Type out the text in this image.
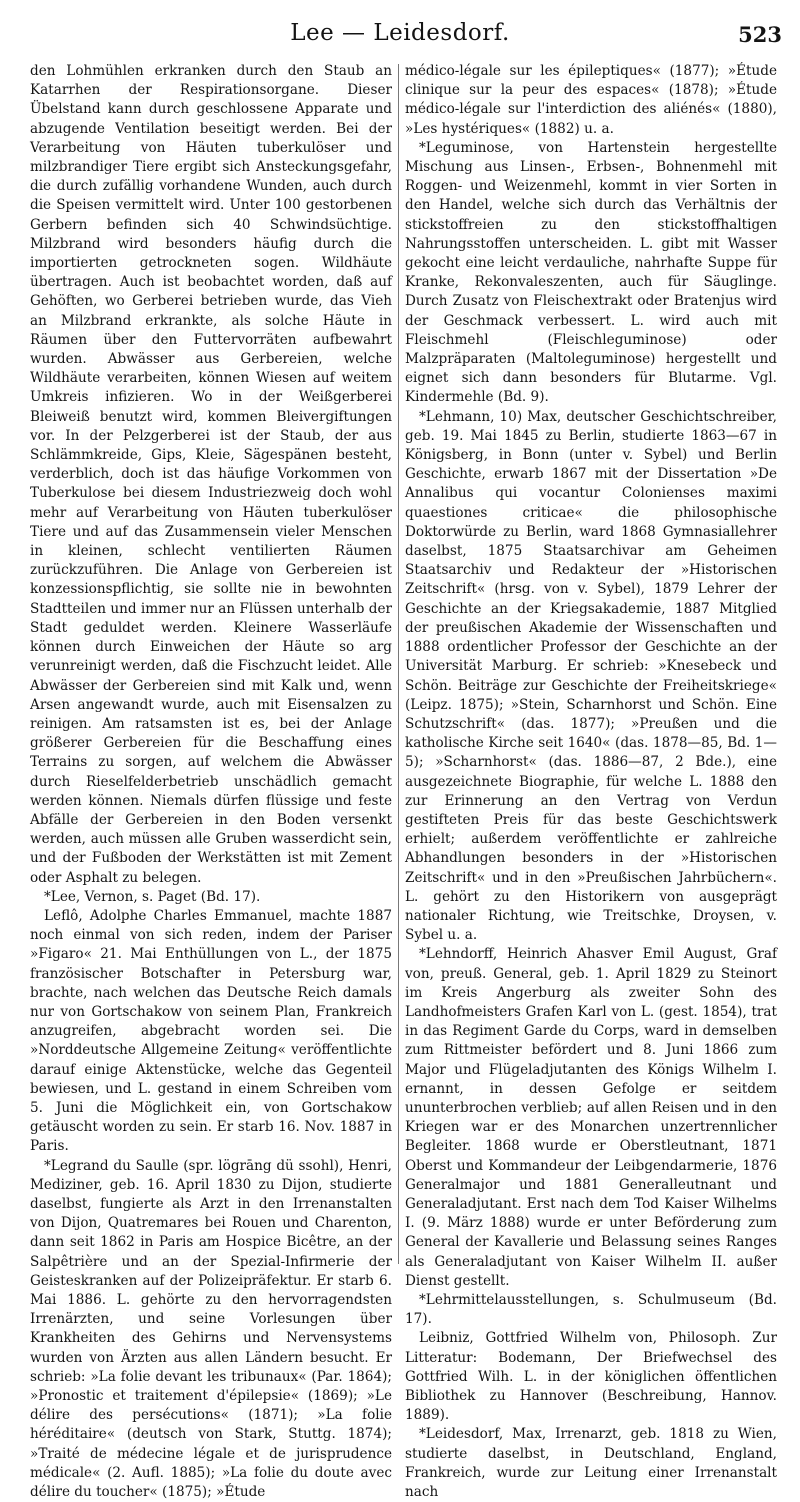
Lee — Leidesdorf.	523

den Lohmühlen erkranken durch den Staub an Katarrhen der Respirationsorgane. Dieser Übelstand kann durch geschlossene Apparate und abzugende Ventilation beseitigt werden. Bei der Verarbeitung von Häuten tuberkulöser und milzbrandiger Tiere ergibt sich Ansteckungsgefahr, die durch zufällig vorhandene Wunden, auch durch die Speisen vermittelt wird. Unter 100 gestorbenen Gerbern befinden sich 40 Schwindsüchtige. Milzbrand wird besonders häufig durch die importierten getrockneten sogen. Wildhäute übertragen. Auch ist beobachtet worden, daß auf Gehöften, wo Gerberei betrieben wurde, das Vieh an Milzbrand erkrankte, als solche Häute in Räumen über den Futtervorräten aufbewahrt wurden. Abwässer aus Gerbereien, welche Wildhäute verarbeiten, können Wiesen auf weitem Umkreis infizieren. Wo in der Weißgerberei Bleiweiß benutzt wird, kommen Bleivergiftungen vor. In der Pelzgerberei ist der Staub, der aus Schlämmkreide, Gips, Kleie, Sägespänen besteht, verderblich, doch ist das häufige Vorkommen von Tuberkulose bei diesem Industriezweig doch wohl mehr auf Verarbeitung von Häuten tuberkulöser Tiere und auf das Zusammensein vieler Menschen in kleinen, schlecht ventilierten Räumen zurückzuführen. Die Anlage von Gerbereien ist konzessionspflichtig, sie sollte nie in bewohnten Stadtteilen und immer nur an Flüssen unterhalb der Stadt geduldet werden. Kleinere Wasserläufe können durch Einweichen der Häute so arg verunreinigt werden, daß die Fischzucht leidet. Alle Abwässer der Gerbereien sind mit Kalk und, wenn Arsen angewandt wurde, auch mit Eisensalzen zu reinigen. Am ratsamsten ist es, bei der Anlage größerer Gerbereien für die Beschaffung eines Terrains zu sorgen, auf welchem die Abwässer durch Rieselfelderbetrieb unschädlich gemacht werden können. Niemals dürfen flüssige und feste Abfälle der Gerbereien in den Boden versenkt werden, auch müssen alle Gruben wasserdicht sein, und der Fußboden der Werkstätten ist mit Zement oder Asphalt zu belegen.

*Lee, Vernon, s. Paget (Bd. 17).

Leflô, Adolphe Charles Emmanuel, machte 1887 noch einmal von sich reden, indem der Pariser »Figaro« 21. Mai Enthüllungen von L., der 1875 französischer Botschafter in Petersburg war, brachte, nach welchen das Deutsche Reich damals nur von Gortschakow von seinem Plan, Frankreich anzugreifen, abgebracht worden sei. Die »Norddeutsche Allgemeine Zeitung« veröffentlichte darauf einige Aktenstücke, welche das Gegenteil bewiesen, und L. gestand in einem Schreiben vom 5. Juni die Möglichkeit ein, von Gortschakow getäuscht worden zu sein. Er starb 16. Nov. 1887 in Paris.

*Legrand du Saulle (spr. lögrāng dü ssohl), Henri, Mediziner, geb. 16. April 1830 zu Dijon, studierte daselbst, fungierte als Arzt in den Irrenanstalten von Dijon, Quatremares bei Rouen und Charenton, dann seit 1862 in Paris am Hospice Bicêtre, an der Salpêtrière und an der Spezial-Infirmerie der Geisteskranken auf der Polizeipräfektur. Er starb 6. Mai 1886. L. gehörte zu den hervorragendsten Irrenärzten, und seine Vorlesungen über Krankheiten des Gehirns und Nervensystems wurden von Ärzten aus allen Ländern besucht. Er schrieb: »La folie devant les tribunaux« (Par. 1864); »Pronostic et traitement d'épilepsie« (1869); »Le délire des persécutions« (1871); »La folie héréditaire« (deutsch von Stark, Stuttg. 1874); »Traité de médecine légale et de jurisprudence médicale« (2. Aufl. 1885); »La folie du doute avec délire du toucher« (1875); »Étude

médico-légale sur les épileptiques« (1877); »Étude clinique sur la peur des espaces« (1878); »Étude médico-légale sur l'interdiction des aliénés« (1880), »Les hystériques« (1882) u. a.

*Leguminose, von Hartenstein hergestellte Mischung aus Linsen-, Erbsen-, Bohnenmehl mit Roggen- und Weizenmehl, kommt in vier Sorten in den Handel, welche sich durch das Verhältnis der stickstoffreien zu den stickstoffhaltigen Nahrungsstoffen unterscheiden. L. gibt mit Wasser gekocht eine leicht verdauliche, nahrhafte Suppe für Kranke, Rekonvaleszenten, auch für Säuglinge. Durch Zusatz von Fleischextrakt oder Bratenjus wird der Geschmack verbessert. L. wird auch mit Fleischmehl (Fleischleguminose) oder Malzpräparaten (Maltoleguminose) hergestellt und eignet sich dann besonders für Blutarme. Vgl. Kindermehle (Bd. 9).

*Lehmann, 10) Max, deutscher Geschichtschreiber, geb. 19. Mai 1845 zu Berlin, studierte 1863—67 in Königsberg, in Bonn (unter v. Sybel) und Berlin Geschichte, erwarb 1867 mit der Dissertation »De Annalibus qui vocantur Colonienses maximi quaestiones criticae« die philosophische Doktorwürde zu Berlin, ward 1868 Gymnasiallehrer daselbst, 1875 Staatsarchivar am Geheimen Staatsarchiv und Redakteur der »Historischen Zeitschrift« (hrsg. von v. Sybel), 1879 Lehrer der Geschichte an der Kriegsakademie, 1887 Mitglied der preußischen Akademie der Wissenschaften und 1888 ordentlicher Professor der Geschichte an der Universität Marburg. Er schrieb: »Knesebeck und Schön. Beiträge zur Geschichte der Freiheitskriege« (Leipz. 1875); »Stein, Scharnhorst und Schön. Eine Schutzschrift« (das. 1877); »Preußen und die katholische Kirche seit 1640« (das. 1878—85, Bd. 1—5); »Scharnhorst« (das. 1886—87, 2 Bde.), eine ausgezeichnete Biographie, für welche L. 1888 den zur Erinnerung an den Vertrag von Verdun gestifteten Preis für das beste Geschichtswerk erhielt; außerdem veröffentlichte er zahlreiche Abhandlungen besonders in der »Historischen Zeitschrift« und in den »Preußischen Jahrbüchern«. L. gehört zu den Historikern von ausgeprägt nationaler Richtung, wie Treitschke, Droysen, v. Sybel u. a.

*Lehndorff, Heinrich Ahasver Emil August, Graf von, preuß. General, geb. 1. April 1829 zu Steinort im Kreis Angerburg als zweiter Sohn des Landhofmeisters Grafen Karl von L. (gest. 1854), trat in das Regiment Garde du Corps, ward in demselben zum Rittmeister befördert und 8. Juni 1866 zum Major und Flügeladjutanten des Königs Wilhelm I. ernannt, in dessen Gefolge er seitdem ununterbrochen verblieb; auf allen Reisen und in den Kriegen war er des Monarchen unzertrennlicher Begleiter. 1868 wurde er Oberstleutnant, 1871 Oberst und Kommandeur der Leibgendarmerie, 1876 Generalmajor und 1881 Generalleutnant und Generaladjutant. Erst nach dem Tod Kaiser Wilhelms I. (9. März 1888) wurde er unter Beförderung zum General der Kavallerie und Belassung seines Ranges als Generaladjutant von Kaiser Wilhelm II. außer Dienst gestellt.

*Lehrmittelausstellungen, s. Schulmuseum (Bd. 17).

Leibniz, Gottfried Wilhelm von, Philosoph. Zur Litteratur: Bodemann, Der Briefwechsel des Gottfried Wilh. L. in der königlichen öffentlichen Bibliothek zu Hannover (Beschreibung, Hannov. 1889).

*Leidesdorf, Max, Irrenarzt, geb. 1818 zu Wien, studierte daselbst, in Deutschland, England, Frankreich, wurde zur Leitung einer Irrenanstalt nach
